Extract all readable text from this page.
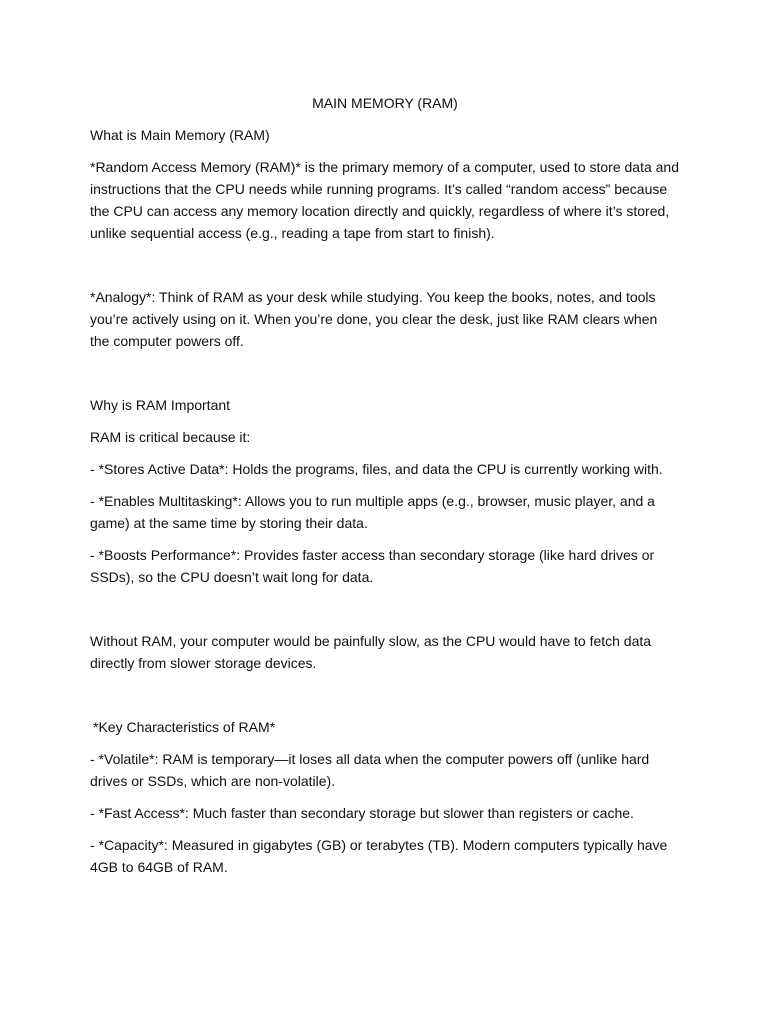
MAIN MEMORY (RAM)

What is Main Memory (RAM)

*Random Access Memory (RAM)* is the primary memory of a computer, used to store data and instructions that the CPU needs while running programs. It’s called “random access” because the CPU can access any memory location directly and quickly, regardless of where it’s stored, unlike sequential access (e.g., reading a tape from start to finish).

*Analogy*: Think of RAM as your desk while studying. You keep the books, notes, and tools you’re actively using on it. When you’re done, you clear the desk, just like RAM clears when the computer powers off.

Why is RAM Important

RAM is critical because it:

- *Stores Active Data*: Holds the programs, files, and data the CPU is currently working with.

- *Enables Multitasking*: Allows you to run multiple apps (e.g., browser, music player, and a game) at the same time by storing their data.

- *Boosts Performance*: Provides faster access than secondary storage (like hard drives or SSDs), so the CPU doesn’t wait long for data.

Without RAM, your computer would be painfully slow, as the CPU would have to fetch data directly from slower storage devices.

*Key Characteristics of RAM*

- *Volatile*: RAM is temporary—it loses all data when the computer powers off (unlike hard drives or SSDs, which are non-volatile).

- *Fast Access*: Much faster than secondary storage but slower than registers or cache.

- *Capacity*: Measured in gigabytes (GB) or terabytes (TB). Modern computers typically have 4GB to 64GB of RAM.
